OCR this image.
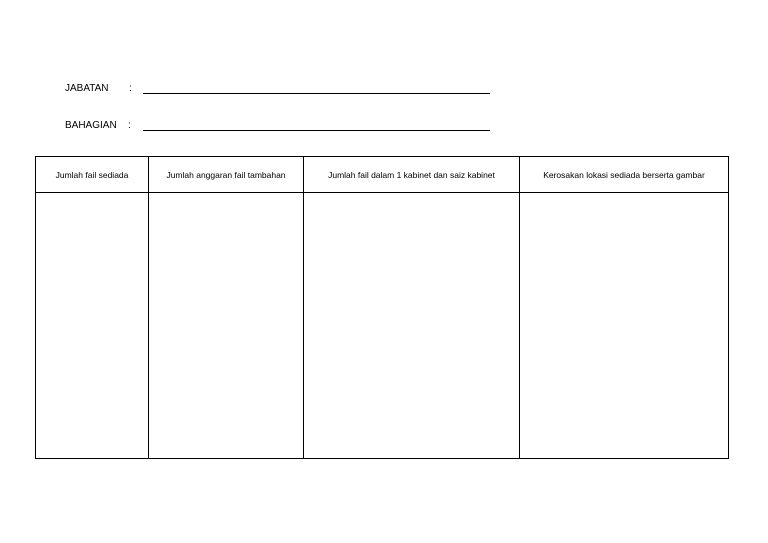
JABATAN :
BAHAGIAN :
Jumlah fail sediada	Jumlah anggaran fail tambahan	Jumlah fail dalam 1 kabinet dan saiz kabinet	Kerosakan lokasi sediada berserta gambar
